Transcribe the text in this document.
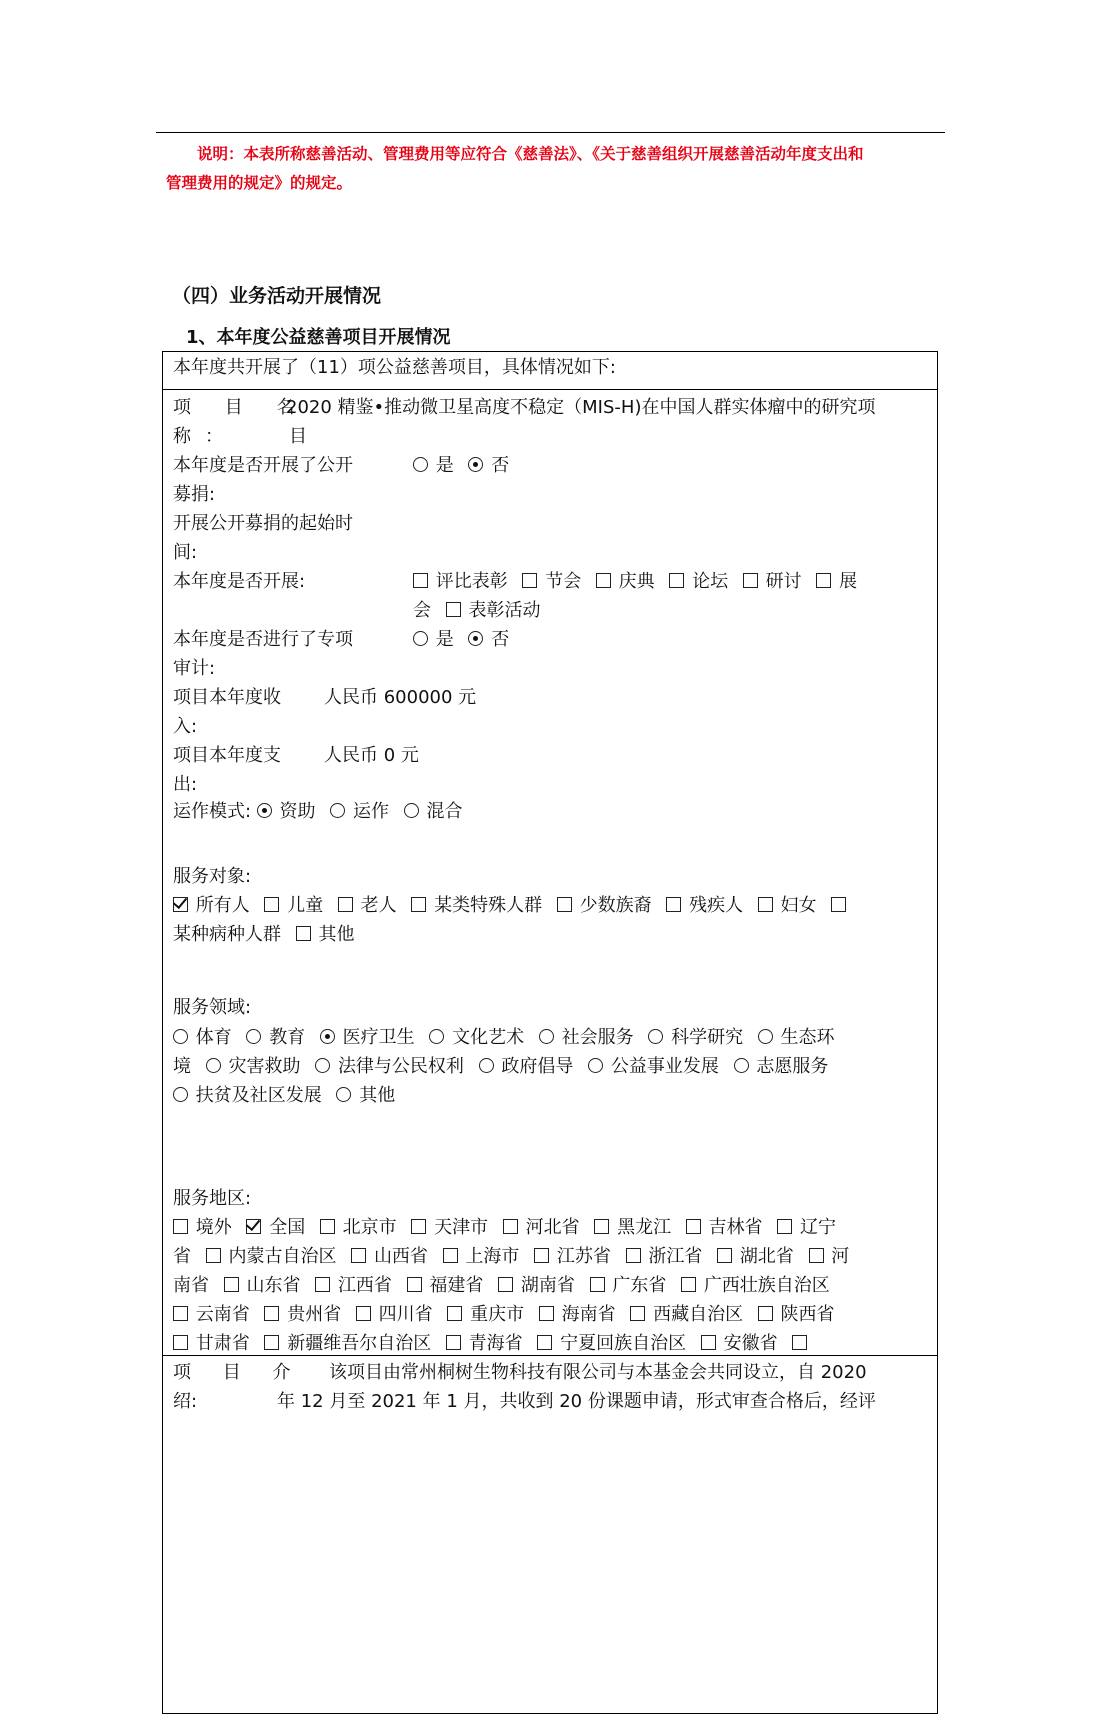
说明：本表所称慈善活动、管理费用等应符合《慈善法》、《关于慈善组织开展慈善活动年度支出和
管理费用的规定》的规定。
（四）业务活动开展情况
1、本年度公益慈善项目开展情况
本年度共开展了（11）项公益慈善项目，具体情况如下:
项 目 名
称：
2020 精鉴•推动微卫星高度不稳定（MIS-H)在中国人群实体瘤中的研究项
目
本年度是否开展了公开
募捐:
是 否
开展公开募捐的起始时
间:
本年度是否开展:	评比表彰 节会 庆典 论坛 研讨 展
会 表彰活动
本年度是否进行了专项
审计:
是 否
项目本年度收
入:
人民币 600000 元
项目本年度支
出:
人民币 0 元
运作模式: 资助 运作 混合
服务对象:
所有人 儿童 老人 某类特殊人群 少数族裔 残疾人 妇女
某种病种人群 其他
服务领域:
体育 教育 医疗卫生 文化艺术 社会服务 科学研究 生态环
境 灾害救助 法律与公民权利 政府倡导 公益事业发展 志愿服务
扶贫及社区发展 其他
服务地区:
境外 全国 北京市 天津市 河北省 黑龙江 吉林省 辽宁
省 内蒙古自治区 山西省 上海市 江苏省 浙江省 湖北省 河
南省 山东省 江西省 福建省 湖南省 广东省 广西壮族自治区
云南省 贵州省 四川省 重庆市 海南省 西藏自治区 陕西省
甘肃省 新疆维吾尔自治区 青海省 宁夏回族自治区 安徽省
项 目 介
绍:
该项目由常州桐树生物科技有限公司与本基金会共同设立，自 2020
年 12 月至 2021 年 1 月，共收到 20 份课题申请，形式审查合格后，经评
